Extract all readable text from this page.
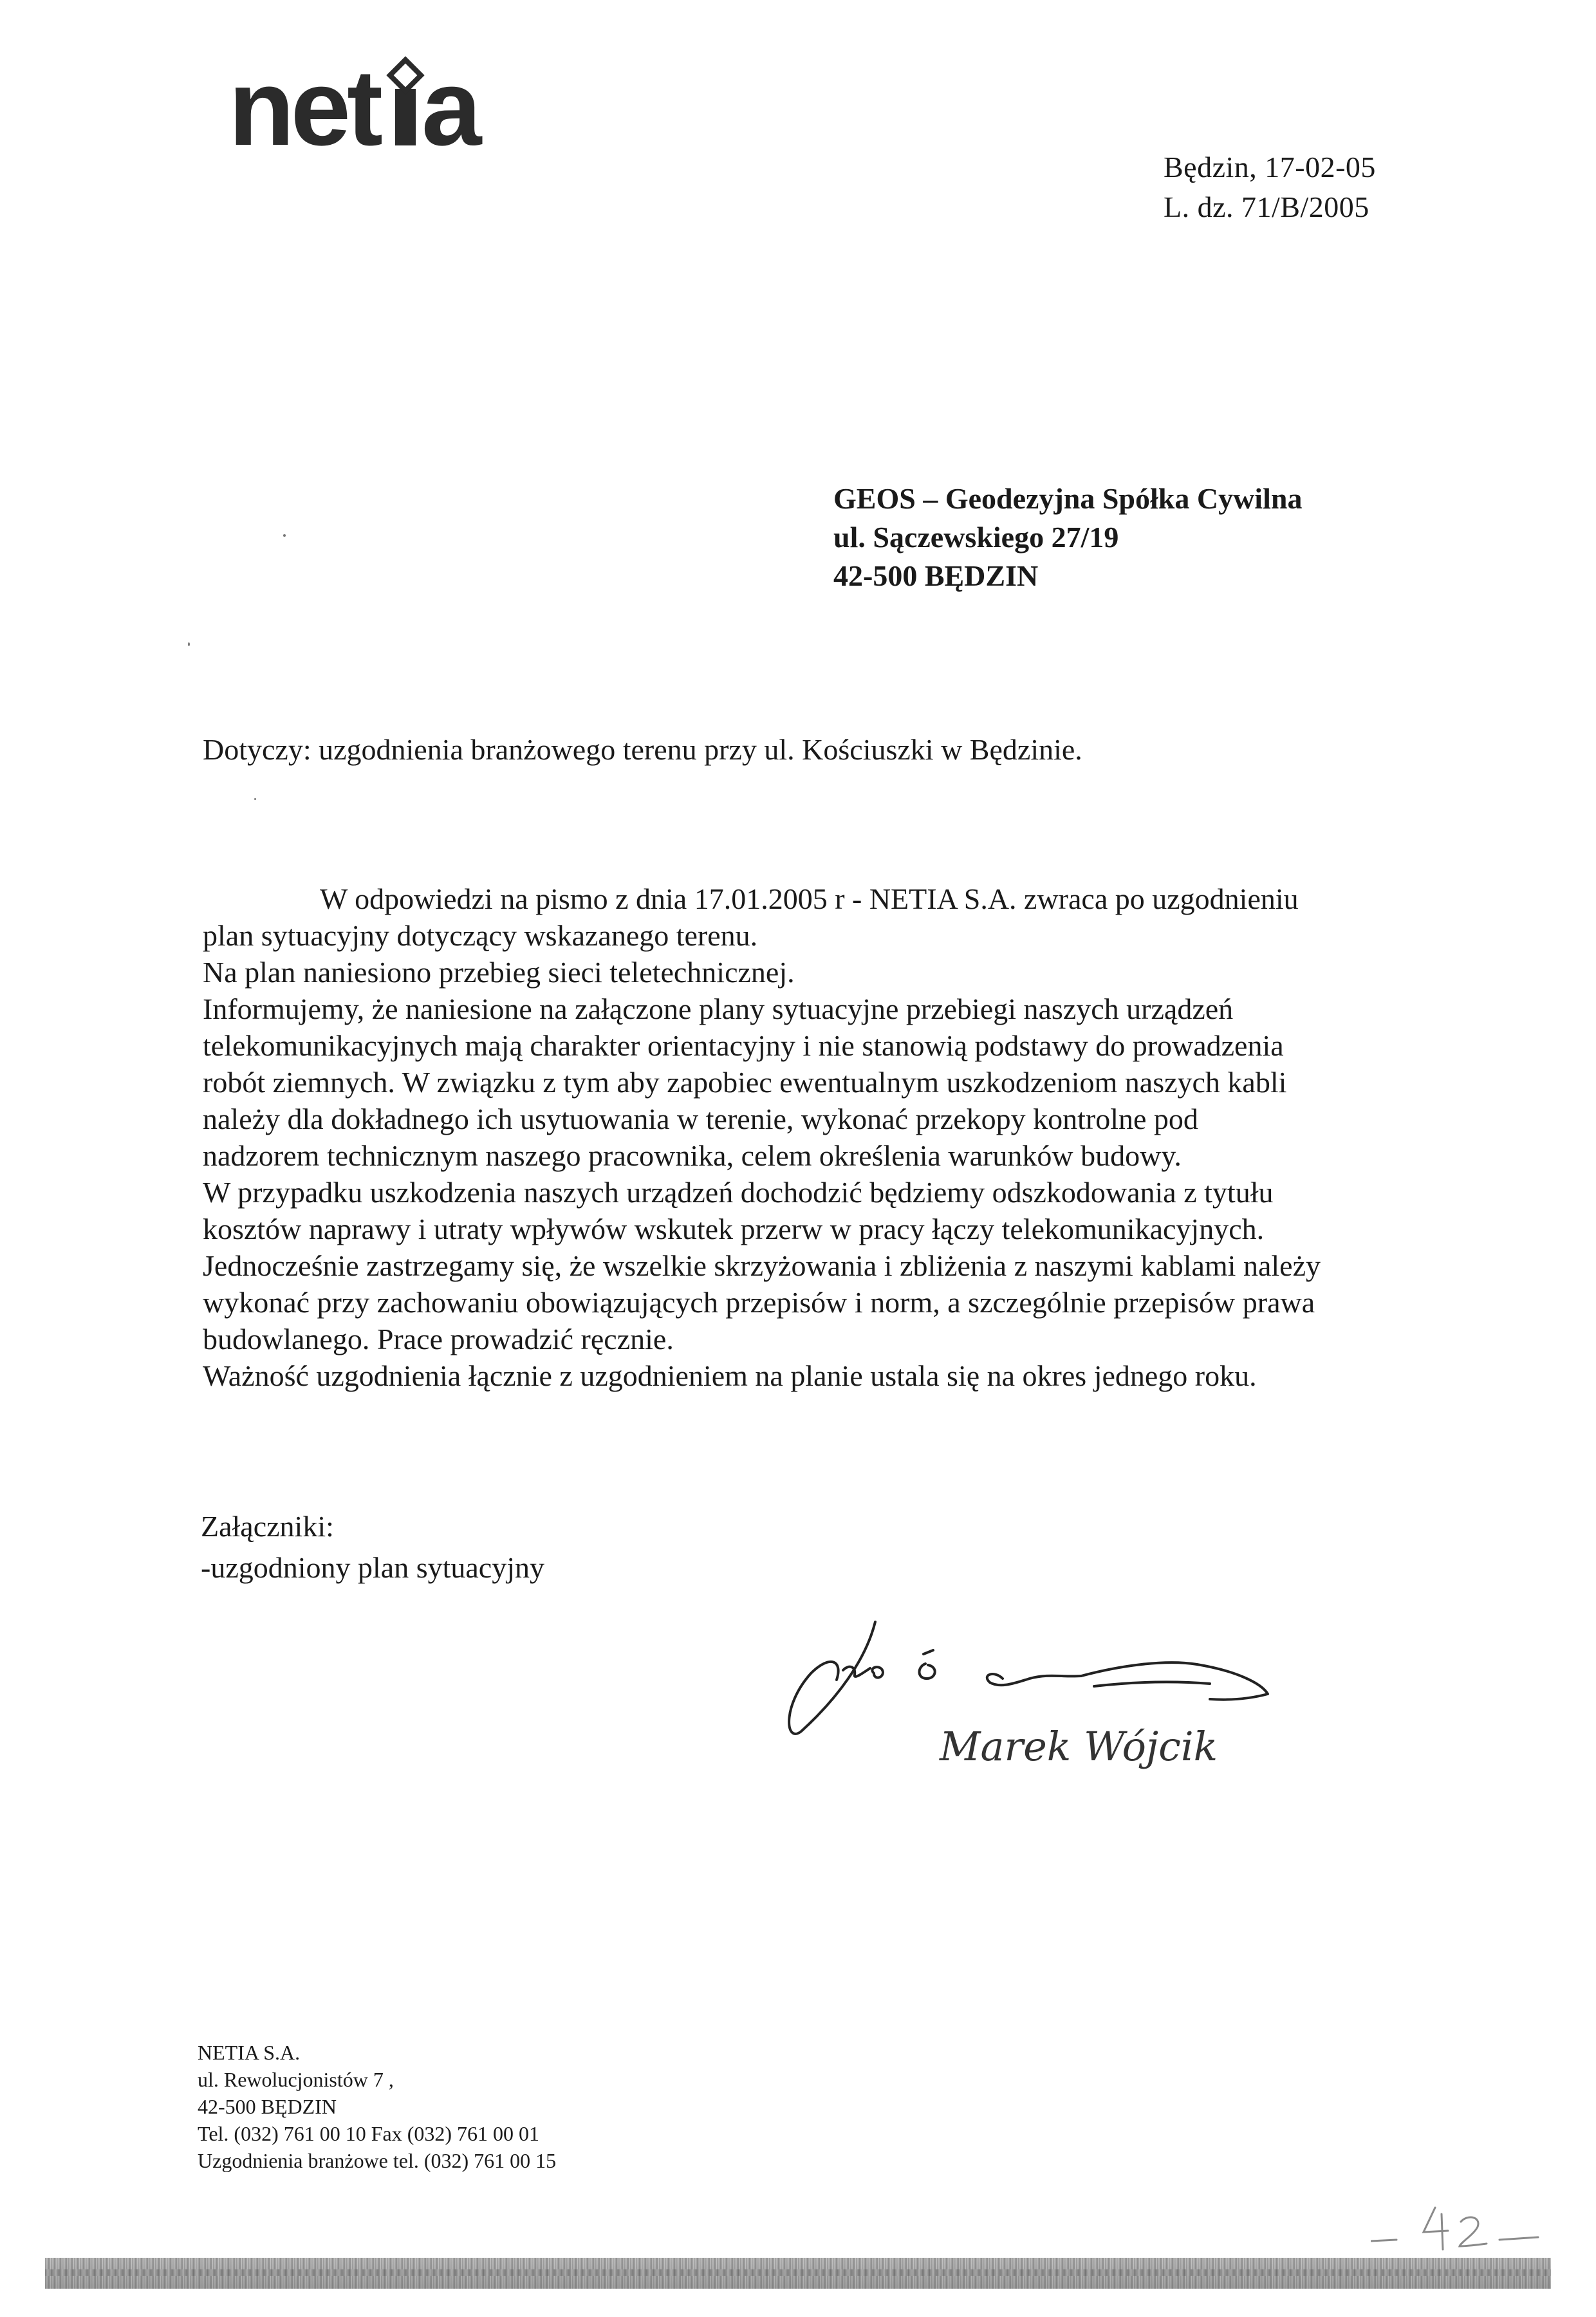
net a	Będzin, 17-02-05
L. dz. 71/B/2005
GEOS – Geodezyjna Spółka Cywilna
ul. Sączewskiego 27/19
42-500 BĘDZIN
Dotyczy: uzgodnienia branżowego terenu przy ul. Kościuszki w Będzinie.
W odpowiedzi na pismo z dnia 17.01.2005 r - NETIA S.A. zwraca po uzgodnieniu
plan sytuacyjny dotyczący wskazanego terenu.
Na plan naniesiono przebieg sieci teletechnicznej.
Informujemy, że naniesione na załączone plany sytuacyjne przebiegi naszych urządzeń
telekomunikacyjnych mają charakter orientacyjny i nie stanowią podstawy do prowadzenia
robót ziemnych. W związku z tym aby zapobiec ewentualnym uszkodzeniom naszych kabli
należy dla dokładnego ich usytuowania w terenie, wykonać przekopy kontrolne pod
nadzorem technicznym naszego pracownika, celem określenia warunków budowy.
W przypadku uszkodzenia naszych urządzeń dochodzić będziemy odszkodowania z tytułu
kosztów naprawy i utraty wpływów wskutek przerw w pracy łączy telekomunikacyjnych.
Jednocześnie zastrzegamy się, że wszelkie skrzyżowania i zbliżenia z naszymi kablami należy
wykonać przy zachowaniu obowiązujących przepisów i norm, a szczególnie przepisów prawa
budowlanego. Prace prowadzić ręcznie.
Ważność uzgodnienia łącznie z uzgodnieniem na planie ustala się na okres jednego roku.
Załączniki:
-uzgodniony plan sytuacyjny
Marek Wójcik
NETIA S.A.
ul. Rewolucjonistów 7 ,
42-500 BĘDZIN
Tel. (032) 761 00 10 Fax (032) 761 00 01
Uzgodnienia branżowe tel. (032) 761 00 15
